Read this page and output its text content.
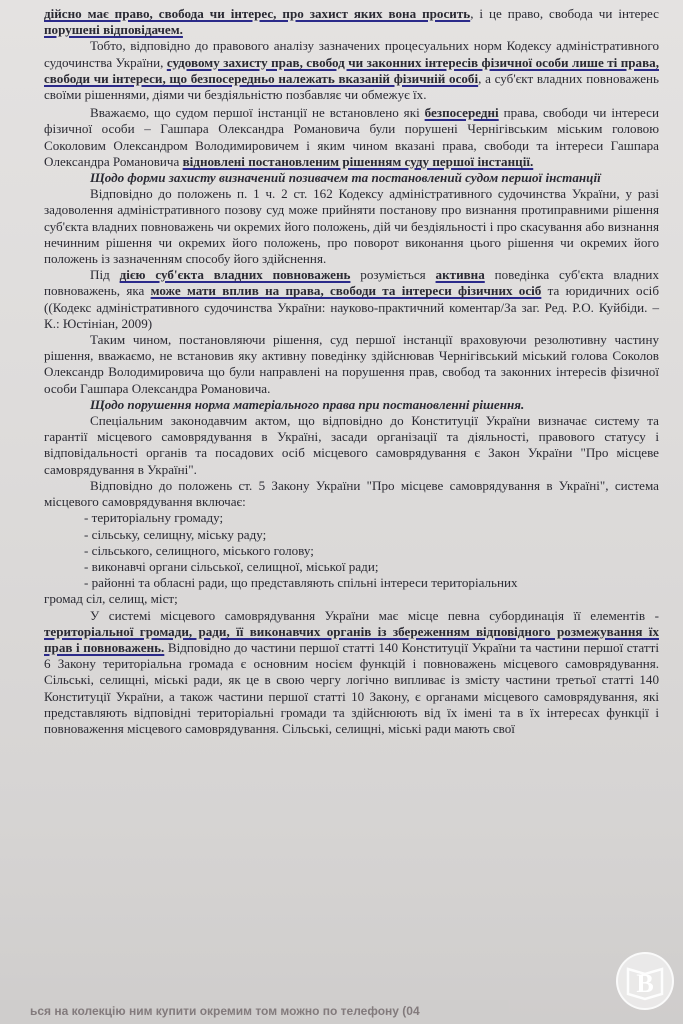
дійсно має право, свобода чи інтерес, про захист яких вона просить, і це право, свобода чи інтерес порушені відповідачем.

Тобто, відповідно до правового аналізу зазначених процесуальних норм Кодексу адміністративного судочинства України, судовому захисту прав, свобод чи законних інтересів фізичної особи лише ті права, свободи чи інтереси, що безпосередньо належать вказаній фізичній особі, а суб'єкт владних повноважень своїми рішеннями, діями чи бездіяльністю позбавляє чи обмежує їх.

Вважаємо, що судом першої інстанції не встановлено які безпосередні права, свободи чи інтереси фізичної особи – Гашпара Олександра Романовича були порушені Чернігівським міським головою Соколовим Олександром Володимировичем і яким чином вказані права, свободи та інтереси Гашпара Олександра Романовича відновлені постановленим рішенням суду першої інстанції.

Щодо форми захисту визначений позивачем та постановлений судом першої інстанції

Відповідно до положень п. 1 ч. 2 ст. 162 Кодексу адміністративного судочинства України, у разі задоволення адміністративного позову суд може прийняти постанову про визнання протиправними рішення суб'єкта владних повноважень чи окремих його положень, дій чи бездіяльності і про скасування або визнання нечинним рішення чи окремих його положень, про поворот виконання цього рішення чи окремих його положень із зазначенням способу його здійснення.

Під дією суб'єкта владних повноважень розуміється активна поведінка суб'єкта владних повноважень, яка може мати вплив на права, свободи та інтереси фізичних осіб та юридичних осіб ((Кодекс адміністративного судочинства України: науково-практичний коментар/За заг. Ред. Р.О. Куйбіди. – К.: Юстініан, 2009)

Таким чином, постановляючи рішення, суд першої інстанції враховуючи резолютивну частину рішення, вважаємо, не встановив яку активну поведінку здійснював Чернігівський міський голова Соколов Олександр Володимировича що були направлені на порушення прав, свобод та законних інтересів фізичної особи Гашпара Олександра Романовича.

Щодо порушення норма матеріального права при постановленні рішення.

Спеціальним законодавчим актом, що відповідно до Конституції України визначає систему та гарантії місцевого самоврядування в Україні, засади організації та діяльності, правового статусу і відповідальності органів та посадових осіб місцевого самоврядування є Закон України "Про місцеве самоврядування в Україні".

Відповідно до положень ст. 5 Закону України "Про місцеве самоврядування в Україні", система місцевого самоврядування включає:

- територіальну громаду;
- сільську, селищну, міську раду;
- сільського, селищного, міського голову;
- виконавчі органи сільської, селищної, міської ради;
- районні та обласні ради, що представляють спільні інтереси територіальних

громад сіл, селищ, міст;

У системі місцевого самоврядування України має місце певна субординація її елементів - територіальної громади, ради, її виконавчих органів із збереженням відповідного розмежування їх прав і повноважень. Відповідно до частини першої статті 140 Конституції України та частини першої статті 6 Закону територіальна громада є основним носієм функцій і повноважень місцевого самоврядування. Сільські, селищні, міські ради, як це в свою чергу логічно випливає із змісту частини третьої статті 140 Конституції України, а також частини першої статті 10 Закону, є органами місцевого самоврядування, які представляють відповідні територіальні громади та здійснюють від їх імені та в їх інтересах функції і повноваження місцевого самоврядування. Сільські, селищні, міські ради мають свої

ься на колекцію ним купити окремим том можно по телефону (04
В
